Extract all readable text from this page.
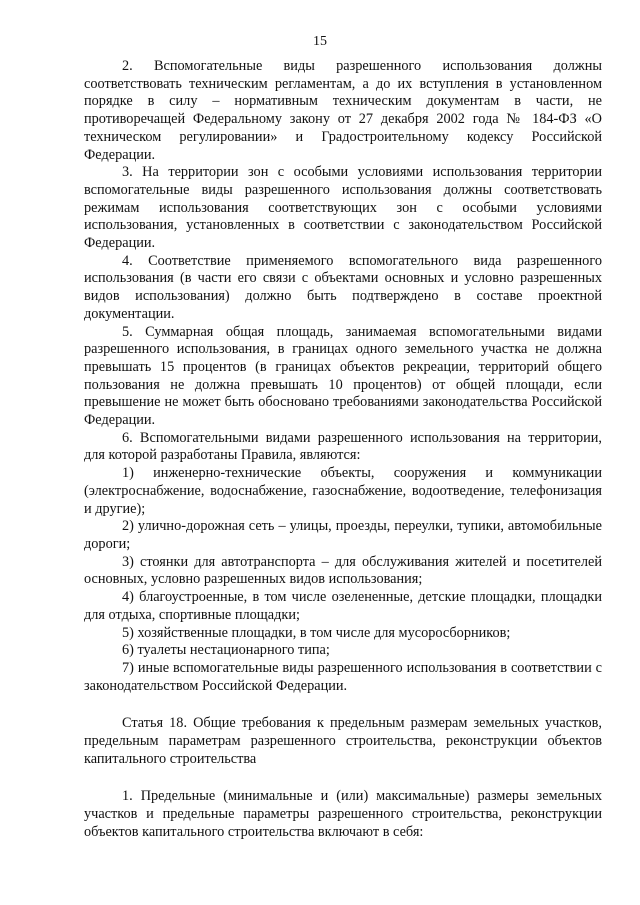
15

2. Вспомогательные виды разрешенного использования должны соответствовать техническим регламентам, а до их вступления в установленном порядке в силу – нормативным техническим документам в части, не противоречащей Федеральному закону от 27 декабря 2002 года № 184-ФЗ «О техническом регулировании» и Градостроительному кодексу Российской Федерации.

3. На территории зон с особыми условиями использования территории вспомогательные виды разрешенного использования должны соответствовать режимам использования соответствующих зон с особыми условиями использования, установленных в соответствии с законодательством Российской Федерации.

4. Соответствие применяемого вспомогательного вида разрешенного использования (в части его связи с объектами основных и условно разрешенных видов использования) должно быть подтверждено в составе проектной документации.

5. Суммарная общая площадь, занимаемая вспомогательными видами разрешенного использования, в границах одного земельного участка не должна превышать 15 процентов (в границах объектов рекреации, территорий общего пользования не должна превышать 10 процентов) от общей площади, если превышение не может быть обосновано требованиями законодательства Российской Федерации.

6. Вспомогательными видами разрешенного использования на территории, для которой разработаны Правила, являются:

1) инженерно-технические объекты, сооружения и коммуникации (электроснабжение, водоснабжение, газоснабжение, водоотведение, телефонизация и другие);

2) улично-дорожная сеть – улицы, проезды, переулки, тупики, автомобильные дороги;

3) стоянки для автотранспорта – для обслуживания жителей и посетителей основных, условно разрешенных видов использования;

4) благоустроенные, в том числе озелененные, детские площадки, площадки для отдыха, спортивные площадки;

5) хозяйственные площадки, в том числе для мусоросборников;

6) туалеты нестационарного типа;

7) иные вспомогательные виды разрешенного использования в соответствии с законодательством Российской Федерации.

Статья 18. Общие требования к предельным размерам земельных участков, предельным параметрам разрешенного строительства, реконструкции объектов капитального строительства

1. Предельные (минимальные и (или) максимальные) размеры земельных участков и предельные параметры разрешенного строительства, реконструкции объектов капитального строительства включают в себя:
